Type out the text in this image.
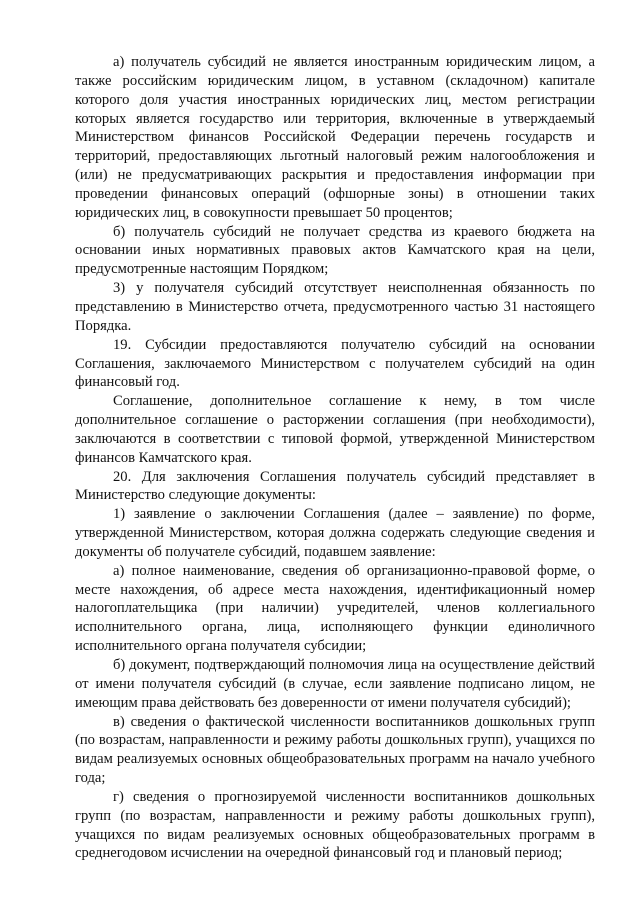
а) получатель субсидий не является иностранным юридическим лицом, а также российским юридическим лицом, в уставном (складочном) капитале которого доля участия иностранных юридических лиц, местом регистрации которых является государство или территория, включенные в утверждаемый Министерством финансов Российской Федерации перечень государств и территорий, предоставляющих льготный налоговый режим налогообложения и (или) не предусматривающих раскрытия и предоставления информации при проведении финансовых операций (офшорные зоны) в отношении таких юридических лиц, в совокупности превышает 50 процентов;

б) получатель субсидий не получает средства из краевого бюджета на основании иных нормативных правовых актов Камчатского края на цели, предусмотренные настоящим Порядком;

3) у получателя субсидий отсутствует неисполненная обязанность по представлению в Министерство отчета, предусмотренного частью 31 настоящего Порядка.

19. Субсидии предоставляются получателю субсидий на основании Соглашения, заключаемого Министерством с получателем субсидий на один финансовый год.

Соглашение, дополнительное соглашение к нему, в том числе дополнительное соглашение о расторжении соглашения (при необходимости), заключаются в соответствии с типовой формой, утвержденной Министерством финансов Камчатского края.

20. Для заключения Соглашения получатель субсидий представляет в Министерство следующие документы:

1) заявление о заключении Соглашения (далее – заявление) по форме, утвержденной Министерством, которая должна содержать следующие сведения и документы об получателе субсидий, подавшем заявление:

а) полное наименование, сведения об организационно-правовой форме, о месте нахождения, об адресе места нахождения, идентификационный номер налогоплательщика (при наличии) учредителей, членов коллегиального исполнительного органа, лица, исполняющего функции единоличного исполнительного органа получателя субсидии;

б) документ, подтверждающий полномочия лица на осуществление действий от имени получателя субсидий (в случае, если заявление подписано лицом, не имеющим права действовать без доверенности от имени получателя субсидий);

в) сведения о фактической численности воспитанников дошкольных групп (по возрастам, направленности и режиму работы дошкольных групп), учащихся по видам реализуемых основных общеобразовательных программ на начало учебного года;

г) сведения о прогнозируемой численности воспитанников дошкольных групп (по возрастам, направленности и режиму работы дошкольных групп), учащихся по видам реализуемых основных общеобразовательных программ в среднегодовом исчислении на очередной финансовый год и плановый период;
